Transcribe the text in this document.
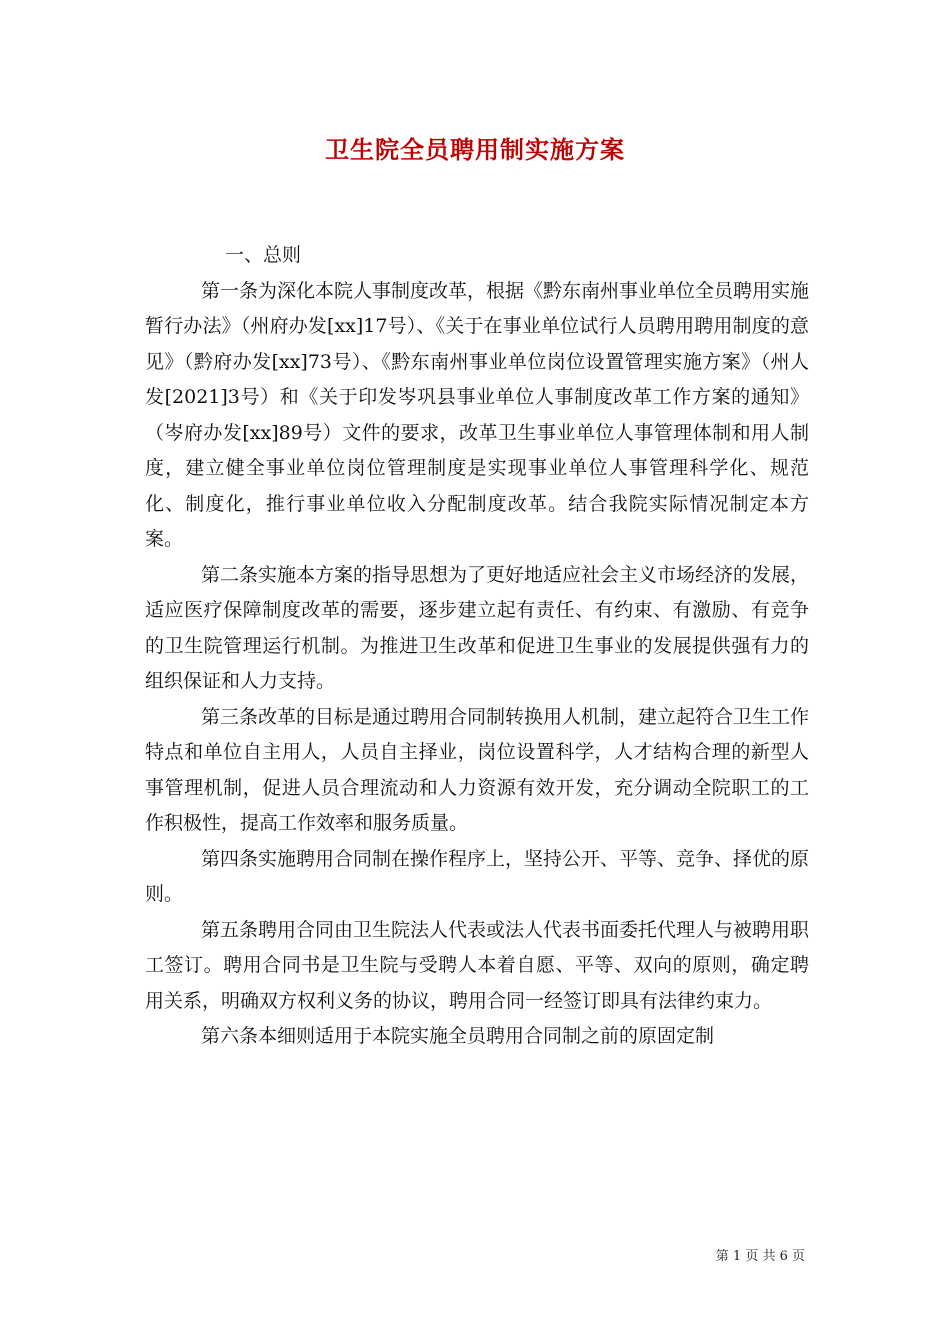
卫生院全员聘用制实施方案

一、总则

第一条为深化本院人事制度改革，根据《黔东南州事业单位全员聘用实施暂行办法》（州府办发[xx]17号）、《关于在事业单位试行人员聘用聘用制度的意见》（黔府办发[xx]73号）、《黔东南州事业单位岗位设置管理实施方案》（州人发[2021]3号）和《关于印发岑巩县事业单位人事制度改革工作方案的通知》（岑府办发[xx]89号）文件的要求，改革卫生事业单位人事管理体制和用人制度，建立健全事业单位岗位管理制度是实现事业单位人事管理科学化、规范化、制度化，推行事业单位收入分配制度改革。结合我院实际情况制定本方案。

第二条实施本方案的指导思想为了更好地适应社会主义市场经济的发展，适应医疗保障制度改革的需要，逐步建立起有责任、有约束、有激励、有竞争的卫生院管理运行机制。为推进卫生改革和促进卫生事业的发展提供强有力的组织保证和人力支持。

第三条改革的目标是通过聘用合同制转换用人机制，建立起符合卫生工作特点和单位自主用人，人员自主择业，岗位设置科学，人才结构合理的新型人事管理机制，促进人员合理流动和人力资源有效开发，充分调动全院职工的工作积极性，提高工作效率和服务质量。

第四条实施聘用合同制在操作程序上，坚持公开、平等、竞争、择优的原则。

第五条聘用合同由卫生院法人代表或法人代表书面委托代理人与被聘用职工签订。聘用合同书是卫生院与受聘人本着自愿、平等、双向的原则，确定聘用关系，明确双方权利义务的协议，聘用合同一经签订即具有法律约束力。

第六条本细则适用于本院实施全员聘用合同制之前的原固定制

第 1 页 共 6 页
